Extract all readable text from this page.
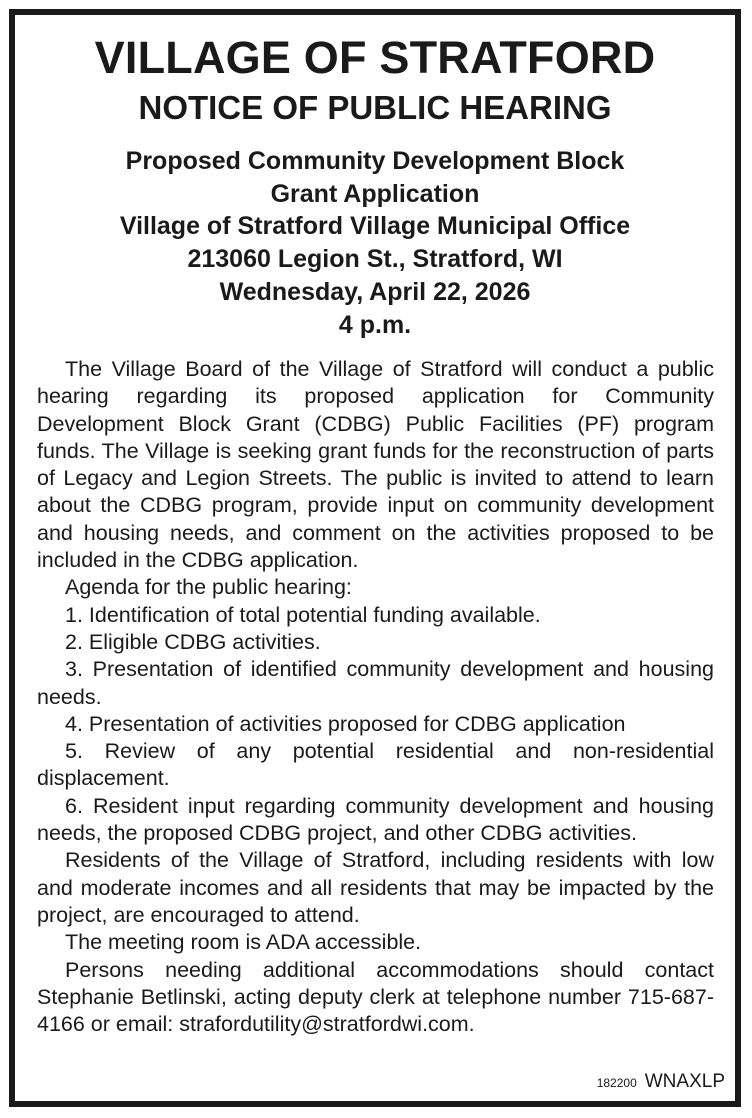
VILLAGE OF STRATFORD
NOTICE OF PUBLIC HEARING
Proposed Community Development Block
Grant Application
Village of Stratford Village Municipal Office
213060 Legion St., Stratford, WI
Wednesday, April 22, 2026
4 p.m.

The Village Board of the Village of Stratford will conduct a public hearing regarding its proposed application for Community Development Block Grant (CDBG) Public Facilities (PF) program funds. The Village is seeking grant funds for the reconstruction of parts of Legacy and Legion Streets. The public is invited to attend to learn about the CDBG program, provide input on community development and housing needs, and comment on the activities proposed to be included in the CDBG application.

Agenda for the public hearing:

1. Identification of total potential funding available.

2. Eligible CDBG activities.

3. Presentation of identified community development and housing needs.

4. Presentation of activities proposed for CDBG application

5. Review of any potential residential and non-residential displacement.

6. Resident input regarding community development and housing needs, the proposed CDBG project, and other CDBG activities.

Residents of the Village of Stratford, including residents with low and moderate incomes and all residents that may be impacted by the project, are encouraged to attend.

The meeting room is ADA accessible.

Persons needing additional accommodations should contact Stephanie Betlinski, acting deputy clerk at telephone number 715-687-4166 or email: strafordutility@stratfordwi.com.

182200 WNAXLP
